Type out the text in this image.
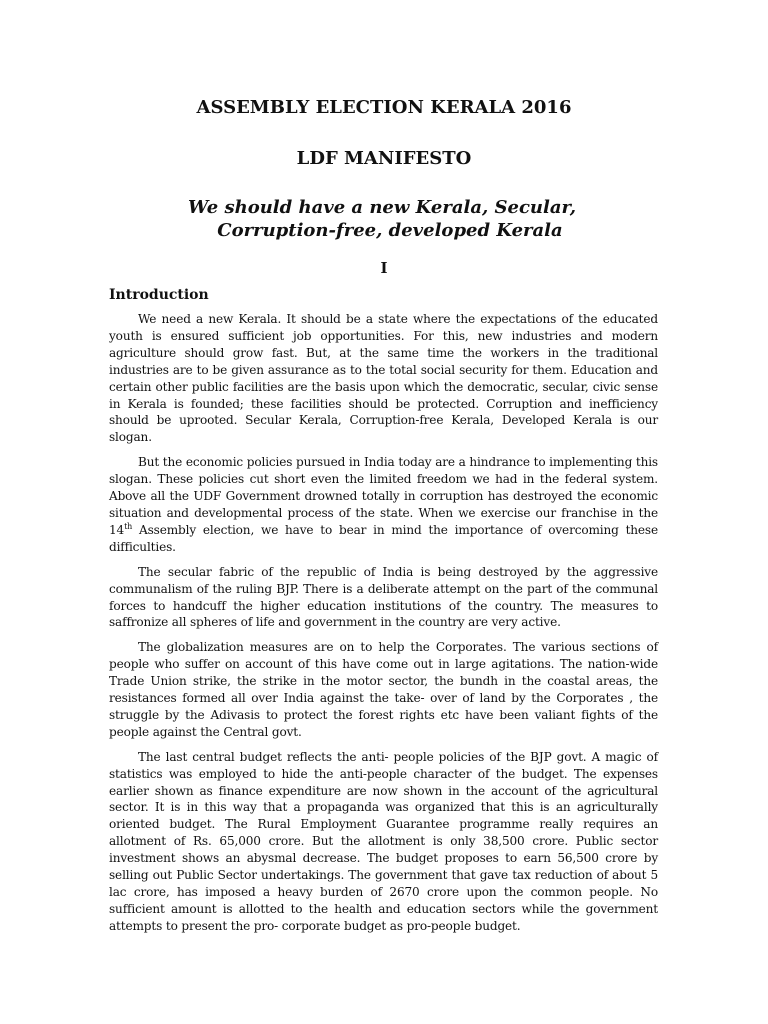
ASSEMBLY ELECTION KERALA 2016
LDF MANIFESTO

We should have a new Kerala, Secular,

Corruption-free, developed Kerala

I

Introduction

We need a new Kerala. It should be a state where the expectations of the educated youth is ensured sufficient job opportunities. For this, new industries and modern agriculture should grow fast. But, at the same time the workers in the traditional industries are to be given assurance as to the total social security for them. Education and certain other public facilities are the basis upon which the democratic, secular, civic sense in Kerala is founded; these facilities should be protected. Corruption and inefficiency should be uprooted. Secular Kerala, Corruption-free Kerala, Developed Kerala is our slogan.

But the economic policies pursued in India today are a hindrance to implementing this slogan. These policies cut short even the limited freedom we had in the federal system. Above all the UDF Government drowned totally in corruption has destroyed the economic situation and developmental process of the state. When we exercise our franchise in the 14th Assembly election, we have to bear in mind the importance of overcoming these difficulties.

The secular fabric of the republic of India is being destroyed by the aggressive communalism of the ruling BJP. There is a deliberate attempt on the part of the communal forces to handcuff the higher education institutions of the country. The measures to saffronize all spheres of life and government in the country are very active.

The globalization measures are on to help the Corporates. The various sections of people who suffer on account of this have come out in large agitations. The nation-wide Trade Union strike, the strike in the motor sector, the bundh in the coastal areas, the resistances formed all over India against the take- over of land by the Corporates , the struggle by the Adivasis to protect the forest rights etc have been valiant fights of the people against the Central govt.

The last central budget reflects the anti- people policies of the BJP govt. A magic of statistics was employed to hide the anti-people character of the budget. The expenses earlier shown as finance expenditure are now shown in the account of the agricultural sector. It is in this way that a propaganda was organized that this is an agriculturally oriented budget. The Rural Employment Guarantee programme really requires an allotment of Rs. 65,000 crore. But the allotment is only 38,500 crore. Public sector investment shows an abysmal decrease. The budget proposes to earn 56,500 crore by selling out Public Sector undertakings. The government that gave tax reduction of about 5 lac crore, has imposed a heavy burden of 2670 crore upon the common people. No sufficient amount is allotted to the health and education sectors while the government attempts to present the pro- corporate budget as pro-people budget.
